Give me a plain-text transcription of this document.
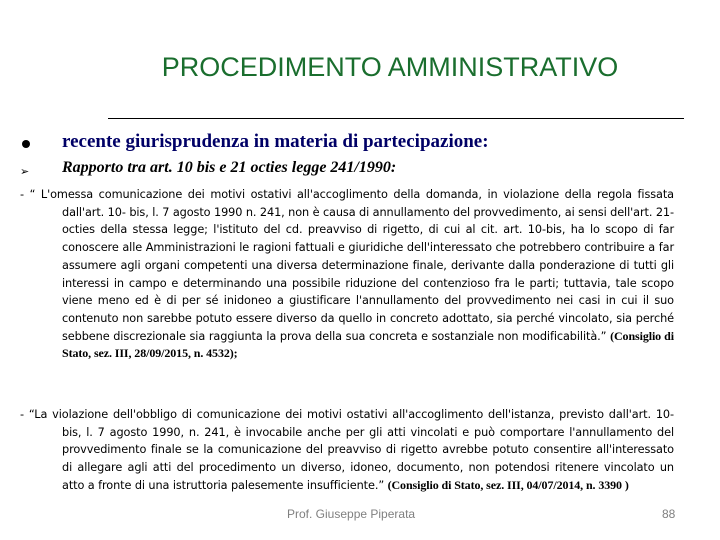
PROCEDIMENTO AMMINISTRATIVO
recente giurisprudenza in materia di partecipazione:
➢ Rapporto tra art. 10 bis e 21 octies legge 241/1990:
- “ L'omessa comunicazione dei motivi ostativi all'accoglimento della domanda, in violazione della regola fissata dall'art. 10- bis, l. 7 agosto 1990 n. 241, non è causa di annullamento del provvedimento, ai sensi dell'art. 21- octies della stessa legge; l'istituto del cd. preavviso di rigetto, di cui al cit. art. 10-bis, ha lo scopo di far conoscere alle Amministrazioni le ragioni fattuali e giuridiche dell'interessato che potrebbero contribuire a far assumere agli organi competenti una diversa determinazione finale, derivante dalla ponderazione di tutti gli interessi in campo e determinando una possibile riduzione del contenzioso fra le parti; tuttavia, tale scopo viene meno ed è di per sé inidoneo a giustificare l'annullamento del provvedimento nei casi in cui il suo contenuto non sarebbe potuto essere diverso da quello in concreto adottato, sia perché vincolato, sia perché sebbene discrezionale sia raggiunta la prova della sua concreta e sostanziale non modificabilità.” (Consiglio di Stato, sez. III, 28/09/2015, n. 4532);
- “La violazione dell'obbligo di comunicazione dei motivi ostativi all'accoglimento dell'istanza, previsto dall'art. 10-bis, l. 7 agosto 1990, n. 241, è invocabile anche per gli atti vincolati e può comportare l'annullamento del provvedimento finale se la comunicazione del preavviso di rigetto avrebbe potuto consentire all'interessato di allegare agli atti del procedimento un diverso, idoneo, documento, non potendosi ritenere vincolato un atto a fronte di una istruttoria palesemente insufficiente.” (Consiglio di Stato, sez. III, 04/07/2014, n. 3390 )
Prof. Giuseppe Piperata	88
